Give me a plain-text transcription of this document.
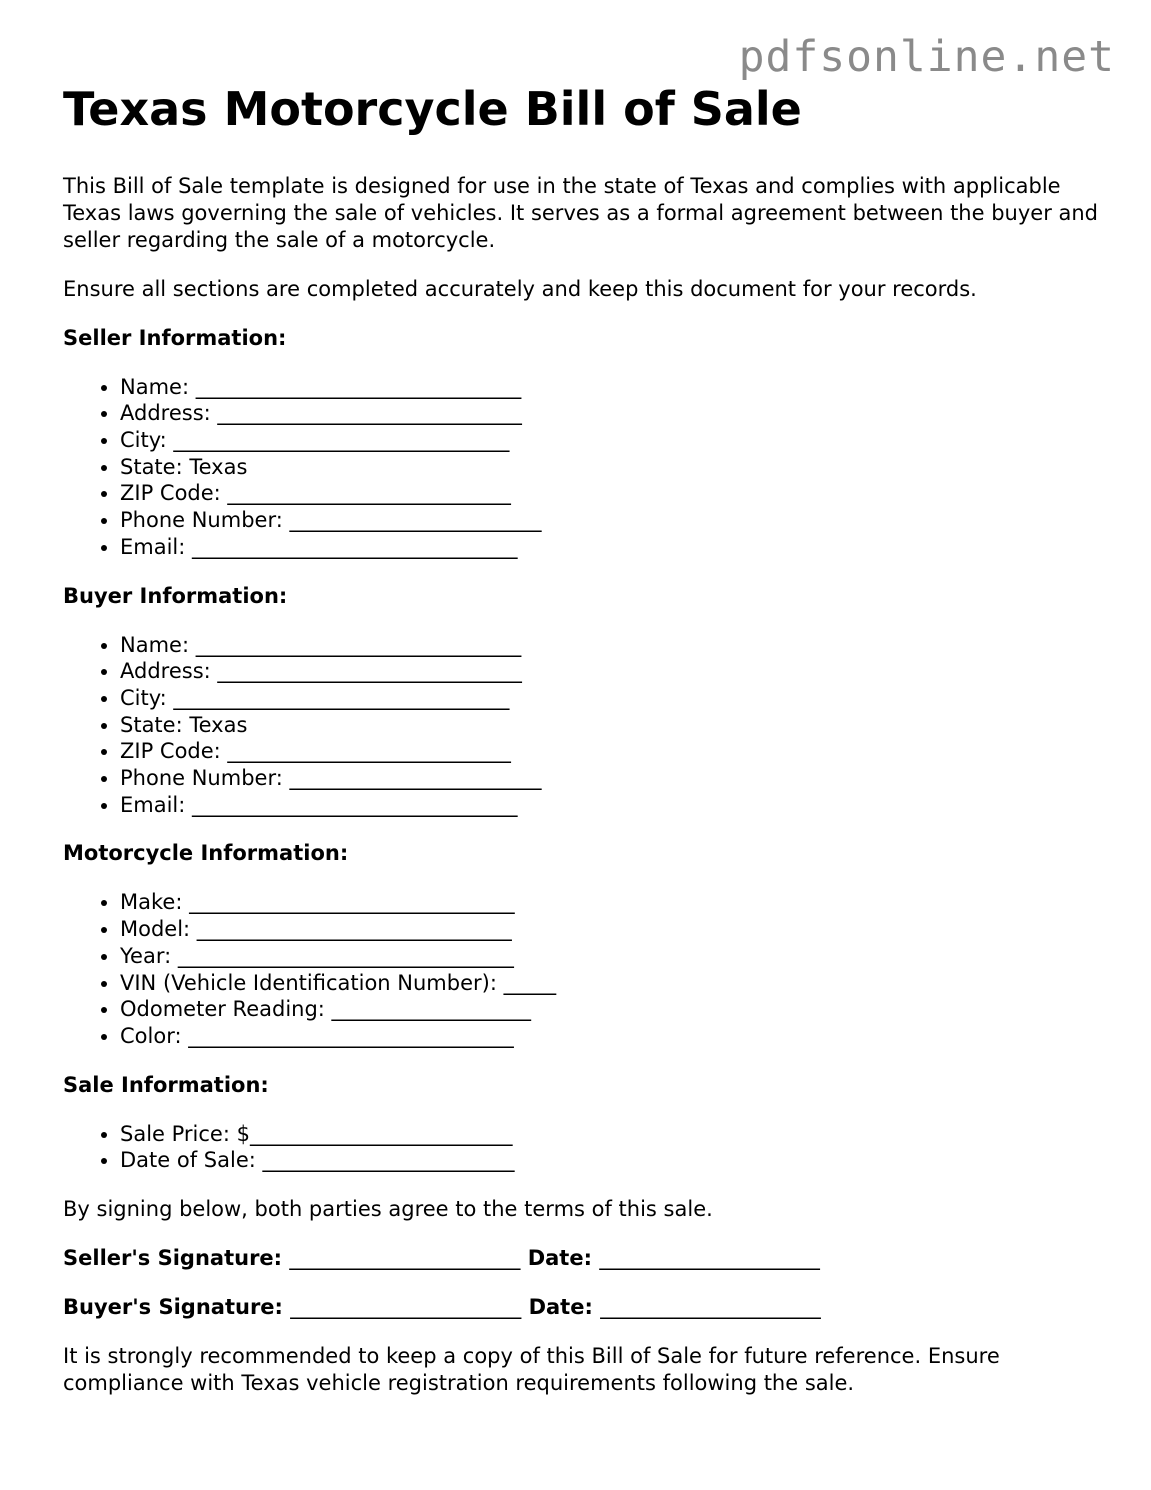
pdfsonline.net
Texas Motorcycle Bill of Sale

This Bill of Sale template is designed for use in the state of Texas and complies with applicable Texas laws governing the sale of vehicles. It serves as a formal agreement between the buyer and seller regarding the sale of a motorcycle.

Ensure all sections are completed accurately and keep this document for your records.

Seller Information:

• Name: _______________________________
• Address: _____________________________
• City: ________________________________
• State: Texas
• ZIP Code: ___________________________
• Phone Number: ________________________
• Email: _______________________________

Buyer Information:

• Name: _______________________________
• Address: _____________________________
• City: ________________________________
• State: Texas
• ZIP Code: ___________________________
• Phone Number: ________________________
• Email: _______________________________

Motorcycle Information:

• Make: _______________________________
• Model: ______________________________
• Year: ________________________________
• VIN (Vehicle Identification Number): _____
• Odometer Reading: ___________________
• Color: _______________________________

Sale Information:

• Sale Price: $_________________________
• Date of Sale: ________________________

By signing below, both parties agree to the terms of this sale.

Seller's Signature: ______________________ Date: _____________________

Buyer's Signature: ______________________ Date: _____________________

It is strongly recommended to keep a copy of this Bill of Sale for future reference. Ensure compliance with Texas vehicle registration requirements following the sale.
